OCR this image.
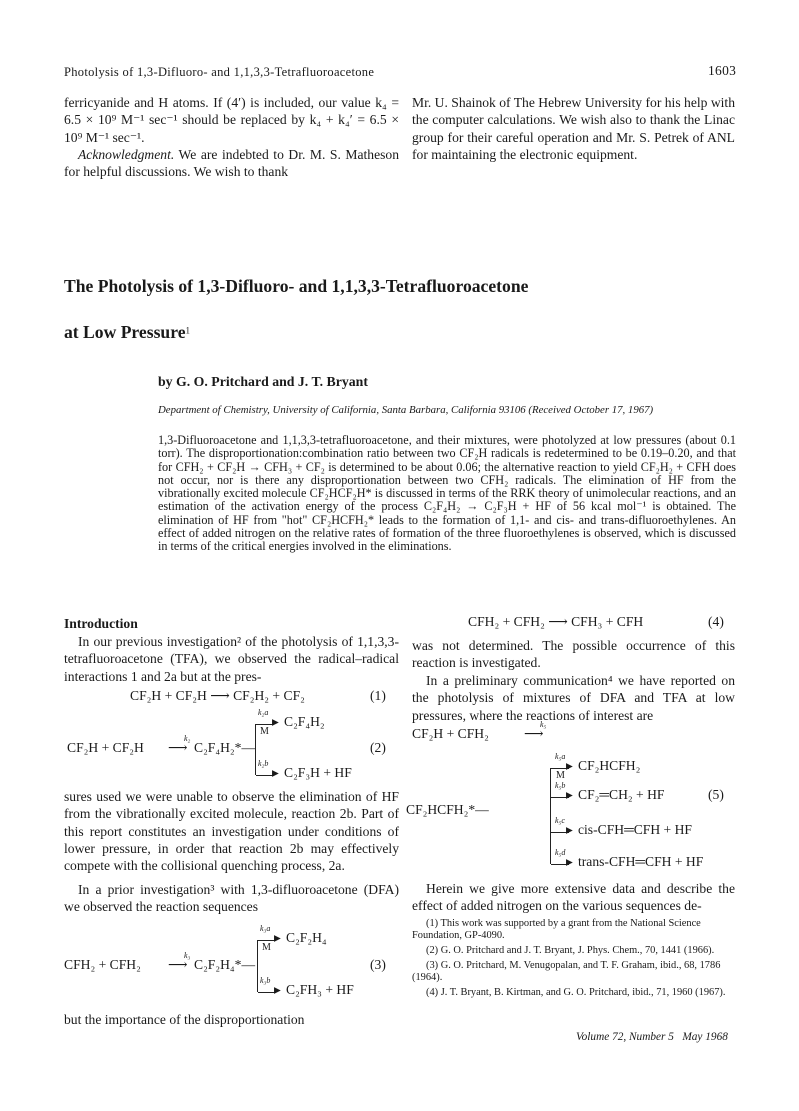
Photolysis of 1,3-Difluoro- and 1,1,3,3-Tetrafluoroacetone	1603
ferricyanide and H atoms. If (4′) is included, our value k₄ = 6.5 × 10⁹ M⁻¹ sec⁻¹ should be replaced by k₄ + k₄′ = 6.5 × 10⁹ M⁻¹ sec⁻¹.
Acknowledgment. We are indebted to Dr. M. S. Matheson for helpful discussions. We wish to thank
Mr. U. Shainok of The Hebrew University for his help with the computer calculations. We wish also to thank the Linac group for their careful operation and Mr. S. Petrek of ANL for maintaining the electronic equipment.
The Photolysis of 1,3-Difluoro- and 1,1,3,3-Tetrafluoroacetone
at Low Pressure$^1$
by G. O. Pritchard and J. T. Bryant
Department of Chemistry, University of California, Santa Barbara, California 93106 (Received October 17, 1967)
1,3-Difluoroacetone and 1,1,3,3-tetrafluoroacetone, and their mixtures, were photolyzed at low pressures (about 0.1 torr). The disproportionation:combination ratio between two CF₂H radicals is redetermined to be 0.19–0.20, and that for CFH₂ + CF₂H → CFH₃ + CF₂ is determined to be about 0.06; the alternative reaction to yield CF₂H₂ + CFH does not occur, nor is there any disproportionation between two CFH₂ radicals. The elimination of HF from the vibrationally excited molecule CF₂HCF₂H* is discussed in terms of the RRK theory of unimolecular reactions, and an estimation of the activation energy of the process C₂F₄H₂ → C₂F₃H + HF of 56 kcal mol⁻¹ is obtained. The elimination of HF from "hot" CF₂HCFH₂* leads to the formation of 1,1- and cis- and trans-difluoroethylenes. An effect of added nitrogen on the relative rates of formation of the three fluoroethylenes is observed, which is discussed in terms of the critical energies involved in the eliminations.
Introduction
In our previous investigation² of the photolysis of 1,1,3,3-tetrafluoroacetone (TFA), we observed the radical–radical interactions 1 and 2a but at the pres-
CF₂H + CF₂H ⟶ CF₂H₂ + CF₂	(1)
k₂a
▸ C₂F₄H₂
M
CF₂H + CF₂H
k₂
⟶ C₂F₄H₂*—	(2)
k₂b
▸ C₂F₃H + HF
sures used we were unable to observe the elimination of HF from the vibrationally excited molecule, reaction 2b. Part of this report constitutes an investigation under conditions of lower pressure, in order that reaction 2b may effectively compete with the collisional quenching process, 2a.
In a prior investigation³ with 1,3-difluoroacetone (DFA) we observed the reaction sequences
k₃a
▸ C₂F₂H₄
M
CFH₂ + CFH₂
k₃
⟶ C₂F₂H₄*—	(3)
k₃b
▸ C₂FH₃ + HF
but the importance of the disproportionation
CFH₂ + CFH₂ ⟶ CFH₃ + CFH	(4)
was not determined. The possible occurrence of this reaction is investigated.
In a preliminary communication⁴ we have reported on the photolysis of mixtures of DFA and TFA at low pressures, where the reactions of interest are
CF₂H + CFH₂
k₅
⟶
k₅a
▸ CF₂HCFH₂
M
k₅b
▸ CF₂═CH₂ + HF	(5)
CF₂HCFH₂*—
k₅c
▸ cis-CFH═CFH + HF
k₅d
▸ trans-CFH═CFH + HF
Herein we give more extensive data and describe the effect of added nitrogen on the various sequences de-
(1) This work was supported by a grant from the National Science Foundation, GP-4090.
(2) G. O. Pritchard and J. T. Bryant, J. Phys. Chem., 70, 1441 (1966).
(3) G. O. Pritchard, M. Venugopalan, and T. F. Graham, ibid., 68, 1786 (1964).
(4) J. T. Bryant, B. Kirtman, and G. O. Pritchard, ibid., 71, 1960 (1967).
Volume 72, Number 5   May 1968
